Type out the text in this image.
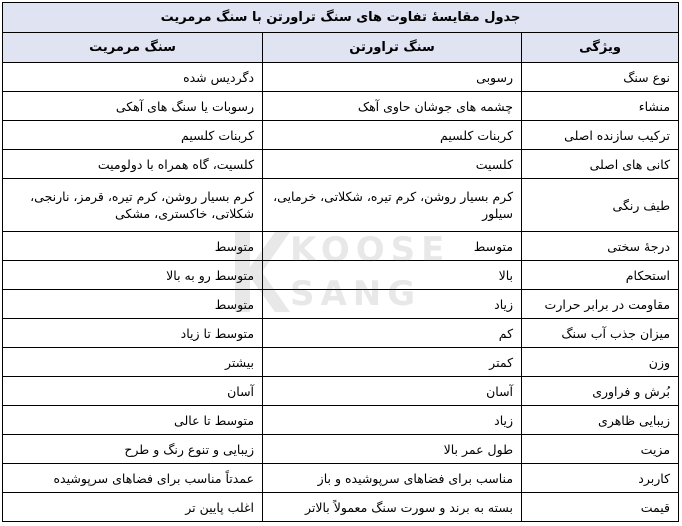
جدول مقایسهٔ تفاوت های سنگ تراورتن با سنگ مرمریت		
ویژگی	سنگ تراورتن	سنگ مرمریت
نوع سنگ	رسوبی	دگردیس شده
منشاء	چشمه های جوشان حاوی آهک	رسوبات یا سنگ های آهکی
ترکیب سازنده اصلی	کربنات کلسیم	کربنات کلسیم
کانی های اصلی	کلسیت	کلسیت، گاه همراه با دولومیت
طیف رنگی	کرم بسیار روشن، کرم تیره، شکلاتی، خرمایی، سیلور	کرم بسیار روشن، کرم تیره، قرمز، نارنجی، شکلاتی، خاکستری، مشکی
درجهٔ سختی	متوسط	متوسط
استحکام	بالا	متوسط رو به بالا
مقاومت در برابر حرارت	زیاد	متوسط
میزان جذب آب سنگ	کم	متوسط تا زیاد
وزن	کمتر	بیشتر
بُرش و فراوری	آسان	آسان
زیبایی ظاهری	زیاد	متوسط تا عالی
مزیت	طول عمر بالا	زیبایی و تنوع رنگ و طرح
کاربرد	مناسب برای فضاهای سرپوشیده و باز	عمدتاً مناسب برای فضاهای سرپوشیده
قیمت	بسته به برند و سورت سنگ معمولاً بالاتر	اغلب پایین تر
KOOSE
SANG
